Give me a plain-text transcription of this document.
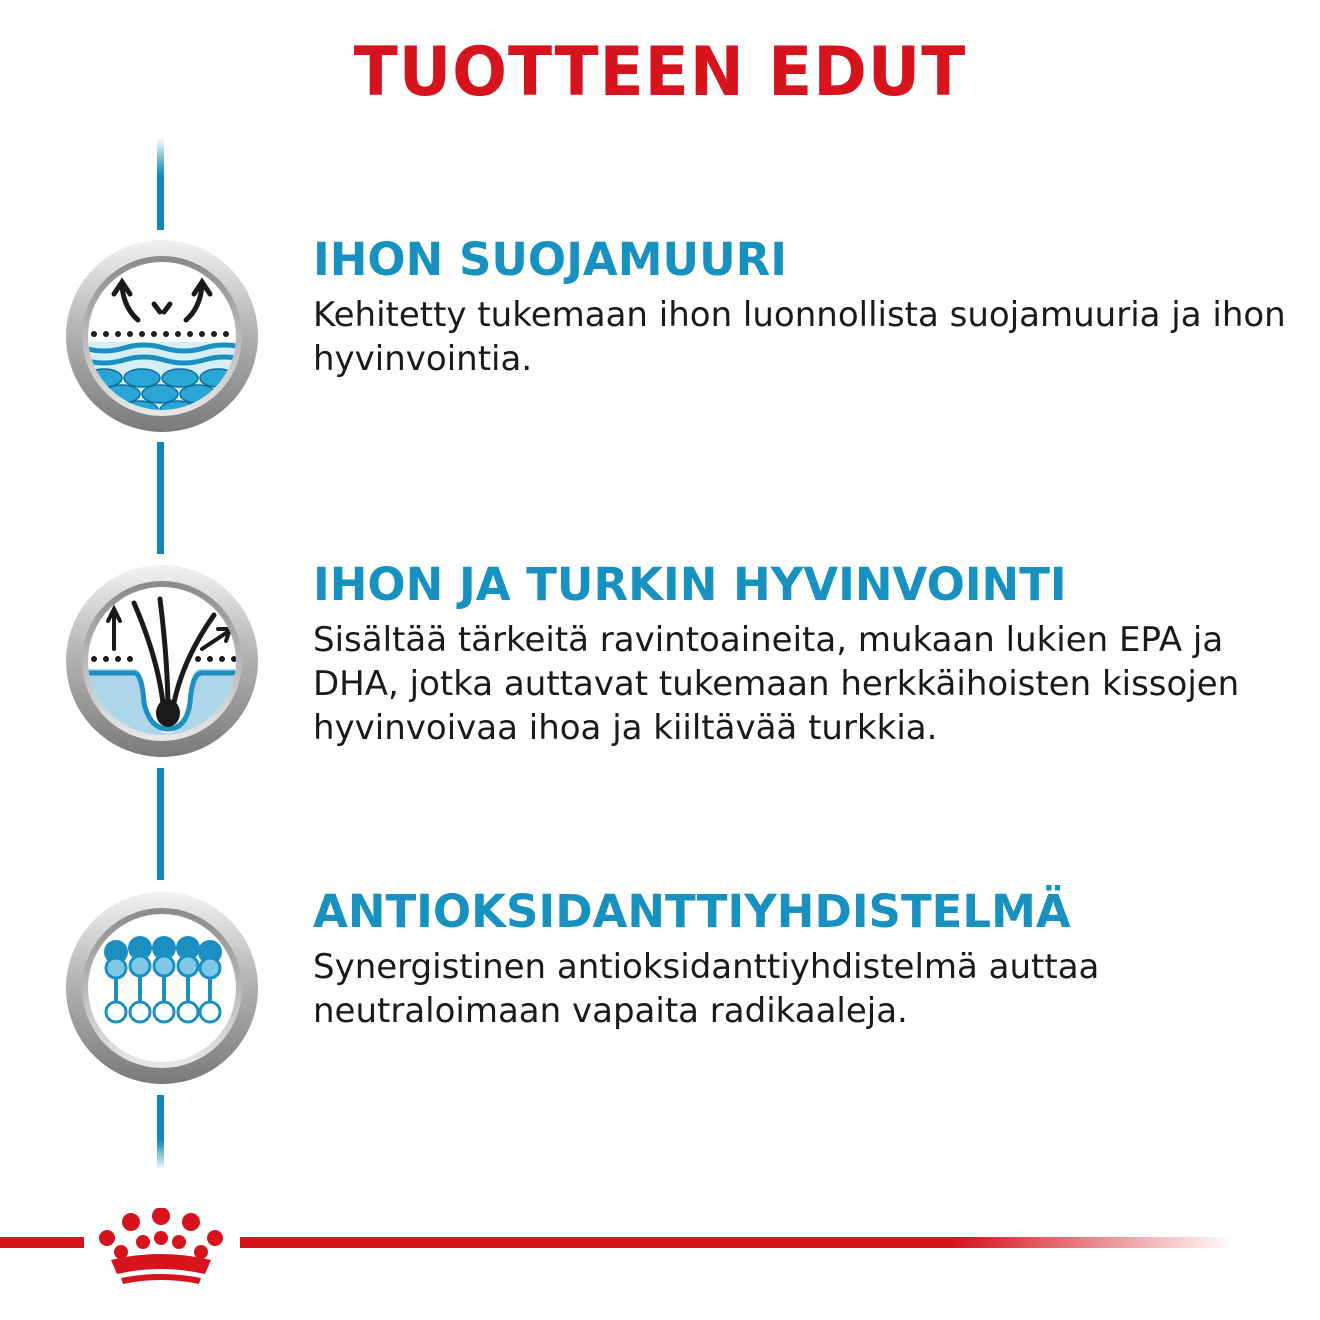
TUOTTEEN EDUT
IHON SUOJAMUURI
Kehitetty tukemaan ihon luonnollista suojamuuria ja ihon hyvinvointia.
IHON JA TURKIN HYVINVOINTI
Sisältää tärkeitä ravintoaineita, mukaan lukien EPA ja DHA, jotka auttavat tukemaan herkkäihoisten kissojen hyvinvoivaa ihoa ja kiiltävää turkkia.
ANTIOKSIDANTTIYHDISTELMÄ
Synergistinen antioksidanttiyhdistelmä auttaa neutraloimaan vapaita radikaaleja.
